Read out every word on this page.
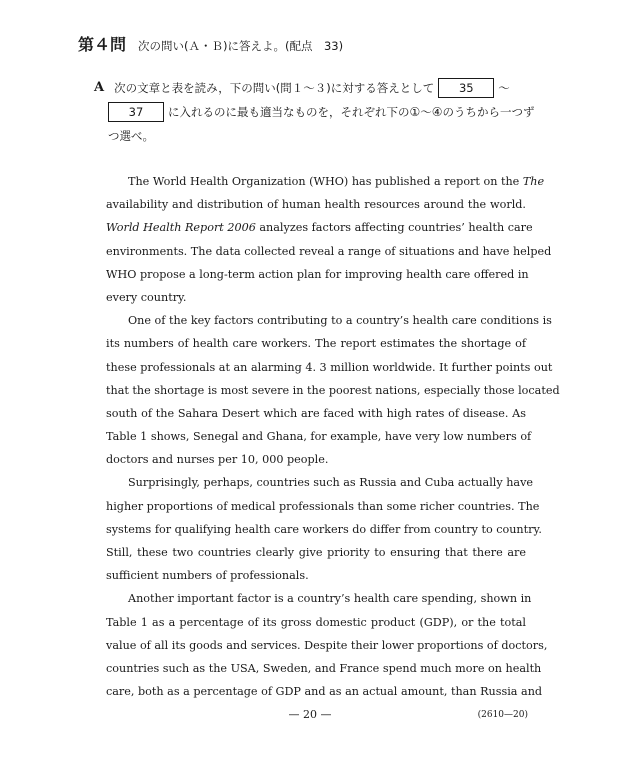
第４問 次の問い(Ａ・Ｂ)に答えよ。(配点　33)
A 次の文章と表を読み，下の問い(問１～３)に対する答えとして	35	～
37	に入れるのに最も適当なものを，それぞれ下の ① ～ ④ のうちから一つず
つ選べ。
The World Health Organization (WHO) has published a report on the The
availability and distribution of human health resources around the world.
World Health Report 2006 analyzes factors affecting countries’ health care
environments. The data collected reveal a range of situations and have helped
WHO propose a long-term action plan for improving health care offered in
every country.
One of the key factors contributing to a country’s health care conditions is
its numbers of health care workers. The report estimates the shortage of
these professionals at an alarming 4. 3 million worldwide. It further points out
that the shortage is most severe in the poorest nations, especially those located
south of the Sahara Desert which are faced with high rates of disease. As
Table 1 shows, Senegal and Ghana, for example, have very low numbers of
doctors and nurses per 10, 000 people.
Surprisingly, perhaps, countries such as Russia and Cuba actually have
higher proportions of medical professionals than some richer countries. The
systems for qualifying health care workers do differ from country to country.
Still, these two countries clearly give priority to ensuring that there are
sufficient numbers of professionals.
Another important factor is a country’s health care spending, shown in
Table 1 as a percentage of its gross domestic product (GDP), or the total
value of all its goods and services. Despite their lower proportions of doctors,
countries such as the USA, Sweden, and France spend much more on health
care, both as a percentage of GDP and as an actual amount, than Russia and
— 20 —	(2610—20)
